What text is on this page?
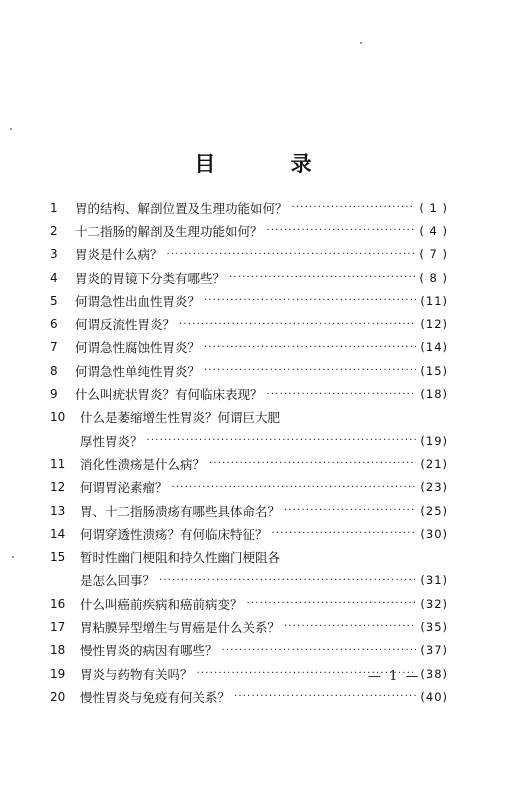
目 录
1	胃的结构、解剖位置及生理功能如何？ ·····	( 1 )
2	十二指肠的解剖及生理功能如何？ ·····	( 4 )
3	胃炎是什么病？ ·····	( 7 )
4	胃炎的胃镜下分类有哪些？ ·····	( 8 )
5	何谓急性出血性胃炎？ ·····	(11)
6	何谓反流性胃炎？ ·····	(12)
7	何谓急性腐蚀性胃炎？ ·····	(14)
8	何谓急性单纯性胃炎？ ·····	(15)
9	什么叫疣状胃炎？有何临床表现？ ·····	(18)
10	什么是萎缩增生性胃炎？何谓巨大肥
厚性胃炎？ ·····	(19)
11	消化性溃疡是什么病？ ·····	(21)
12	何谓胃泌素瘤？ ·····	(23)
13	胃、十二指肠溃疡有哪些具体命名？ ·····	(25)
14	何谓穿透性溃疡？有何临床特征？ ·····	(30)
15	暂时性幽门梗阻和持久性幽门梗阻各
是怎么回事？ ·····	(31)
16	什么叫癌前疾病和癌前病变？ ·····	(32)
17	胃粘膜异型增生与胃癌是什么关系？ ·····	(35)
18	慢性胃炎的病因有哪些？ ·····	(37)
19	胃炎与药物有关吗？ ·····	(38)
20	慢性胃炎与免疫有何关系？ ·····	(40)
— 1 —
